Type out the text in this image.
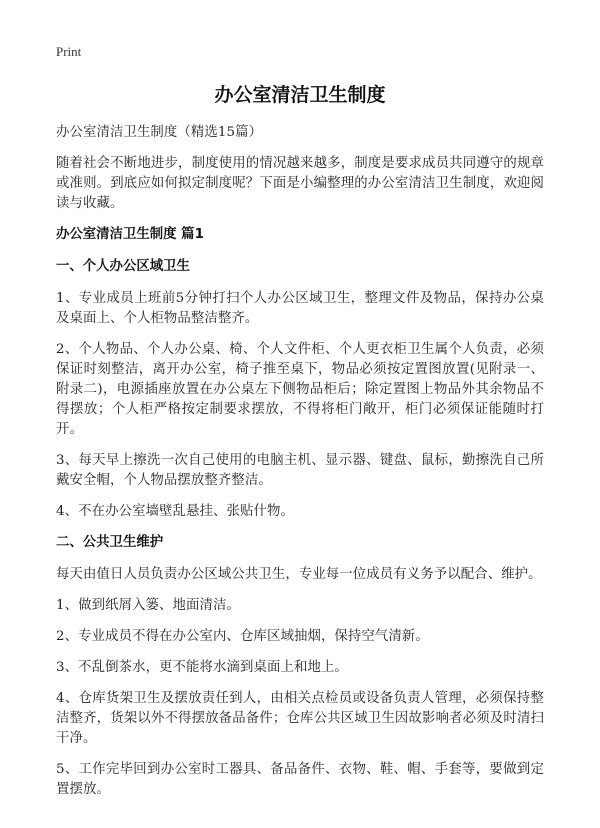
Print
办公室清洁卫生制度

办公室清洁卫生制度（精选15篇）

随着社会不断地进步，制度使用的情况越来越多，制度是要求成员共同遵守的规章或准则。到底应如何拟定制度呢？下面是小编整理的办公室清洁卫生制度，欢迎阅读与收藏。

办公室清洁卫生制度 篇1
一、个人办公区域卫生

1、专业成员上班前5分钟打扫个人办公区域卫生，整理文件及物品，保持办公桌及桌面上、个人柜物品整洁整齐。

2、个人物品、个人办公桌、椅、个人文件柜、个人更衣柜卫生属个人负责，必须保证时刻整洁，离开办公室，椅子推至桌下，物品必须按定置图放置(见附录一、附录二)，电源插座放置在办公桌左下侧物品柜后；除定置图上物品外其余物品不得摆放；个人柜严格按定制要求摆放，不得将柜门敞开，柜门必须保证能随时打开。

3、每天早上擦洗一次自己使用的电脑主机、显示器、键盘、鼠标，勤擦洗自己所戴安全帽，个人物品摆放整齐整洁。

4、不在办公室墙壁乱悬挂、张贴什物。

二、公共卫生维护

每天由值日人员负责办公区域公共卫生，专业每一位成员有义务予以配合、维护。

1、做到纸屑入篓、地面清洁。

2、专业成员不得在办公室内、仓库区域抽烟，保持空气清新。

3、不乱倒茶水，更不能将水滴到桌面上和地上。

4、仓库货架卫生及摆放责任到人，由相关点检员或设备负责人管理，必须保持整洁整齐，货架以外不得摆放备品备件；仓库公共区域卫生因故影响者必须及时清扫干净。

5、工作完毕回到办公室时工器具、备品备件、衣物、鞋、帽、手套等，要做到定置摆放。
